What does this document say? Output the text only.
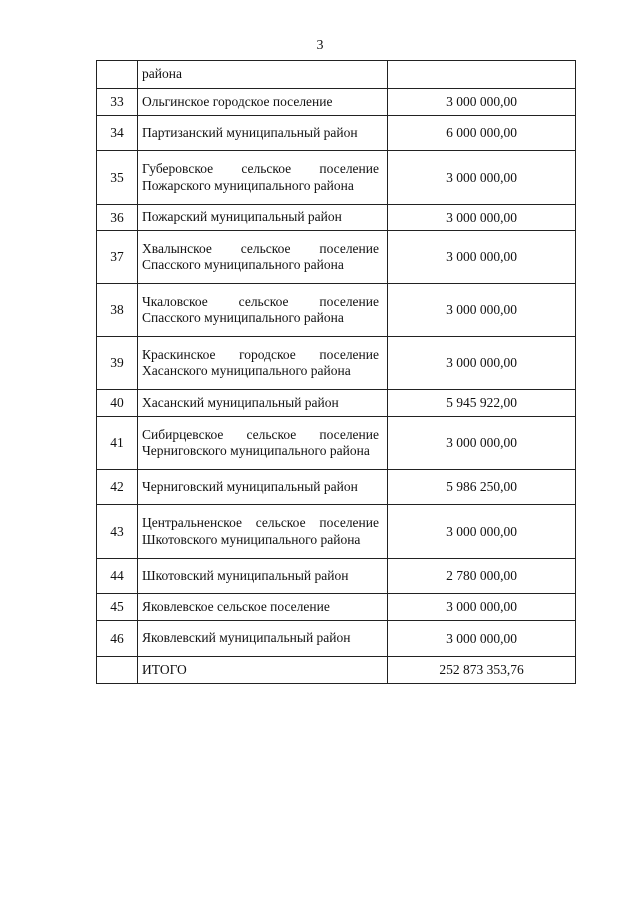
3
	района	
33	Ольгинское городское поселение	3 000 000,00
34	Партизанский муниципальный район	6 000 000,00
35	Губеровское сельское поселение Пожарского муниципального района	3 000 000,00
36	Пожарский муниципальный район	3 000 000,00
37	Хвалынское сельское поселение Спасского муниципального района	3 000 000,00
38	Чкаловское сельское поселение Спасского муниципального района	3 000 000,00
39	Краскинское городское поселение Хасанского муниципального района	3 000 000,00
40	Хасанский муниципальный район	5 945 922,00
41	Сибирцевское сельское поселение Черниговского муниципального района	3 000 000,00
42	Черниговский муниципальный район	5 986 250,00
43	Центральненское сельское поселение Шкотовского муниципального района	3 000 000,00
44	Шкотовский муниципальный район	2 780 000,00
45	Яковлевское сельское поселение	3 000 000,00
46	Яковлевский муниципальный район	3 000 000,00
	ИТОГО	252 873 353,76
